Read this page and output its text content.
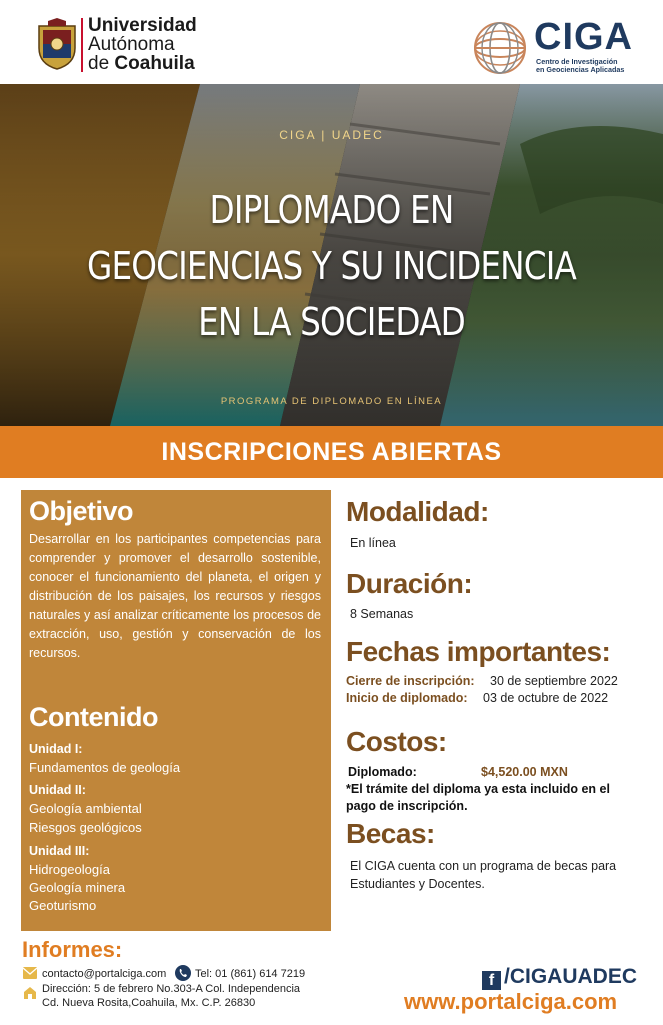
Universidad
Autónoma
de Coahuila
CIGA
Centro de Investigación
en Geociencias Aplicadas
CIGA | UADEC
DIPLOMADO EN
GEOCIENCIAS Y SU INCIDENCIA
EN LA SOCIEDAD
PROGRAMA DE DIPLOMADO EN LÍNEA
INSCRIPCIONES ABIERTAS
Objetivo
Desarrollar en los participantes competencias para comprender y promover el desarrollo sostenible, conocer el funcionamiento del planeta, el origen y distribución de los paisajes, los recursos y riesgos naturales y así analizar críticamente los procesos de extracción, uso, gestión y conservación de los recursos.
Contenido
Unidad I:
Fundamentos de geología
Unidad II:
Geología ambiental
Riesgos geológicos
Unidad III:
Hidrogeología
Geología minera
Geoturismo
Modalidad:
En línea
Duración:
8 Semanas
Fechas importantes:
Cierre de inscripción: 30 de septiembre 2022
Inicio de diplomado: 03 de octubre de 2022
Costos:
Diplomado:	$4,520.00 MXN
*El trámite del diploma ya esta incluido en el pago de inscripción.
Becas:
El CIGA cuenta con un programa de becas para Estudiantes y Docentes.
Informes:
contacto@portalciga.com	Tel: 01 (861) 614 7219
Dirección: 5 de febrero No.303-A Col. Independencia
Cd. Nueva Rosita,Coahuila, Mx. C.P. 26830
f /CIGAUADEC
www.portalciga.com
